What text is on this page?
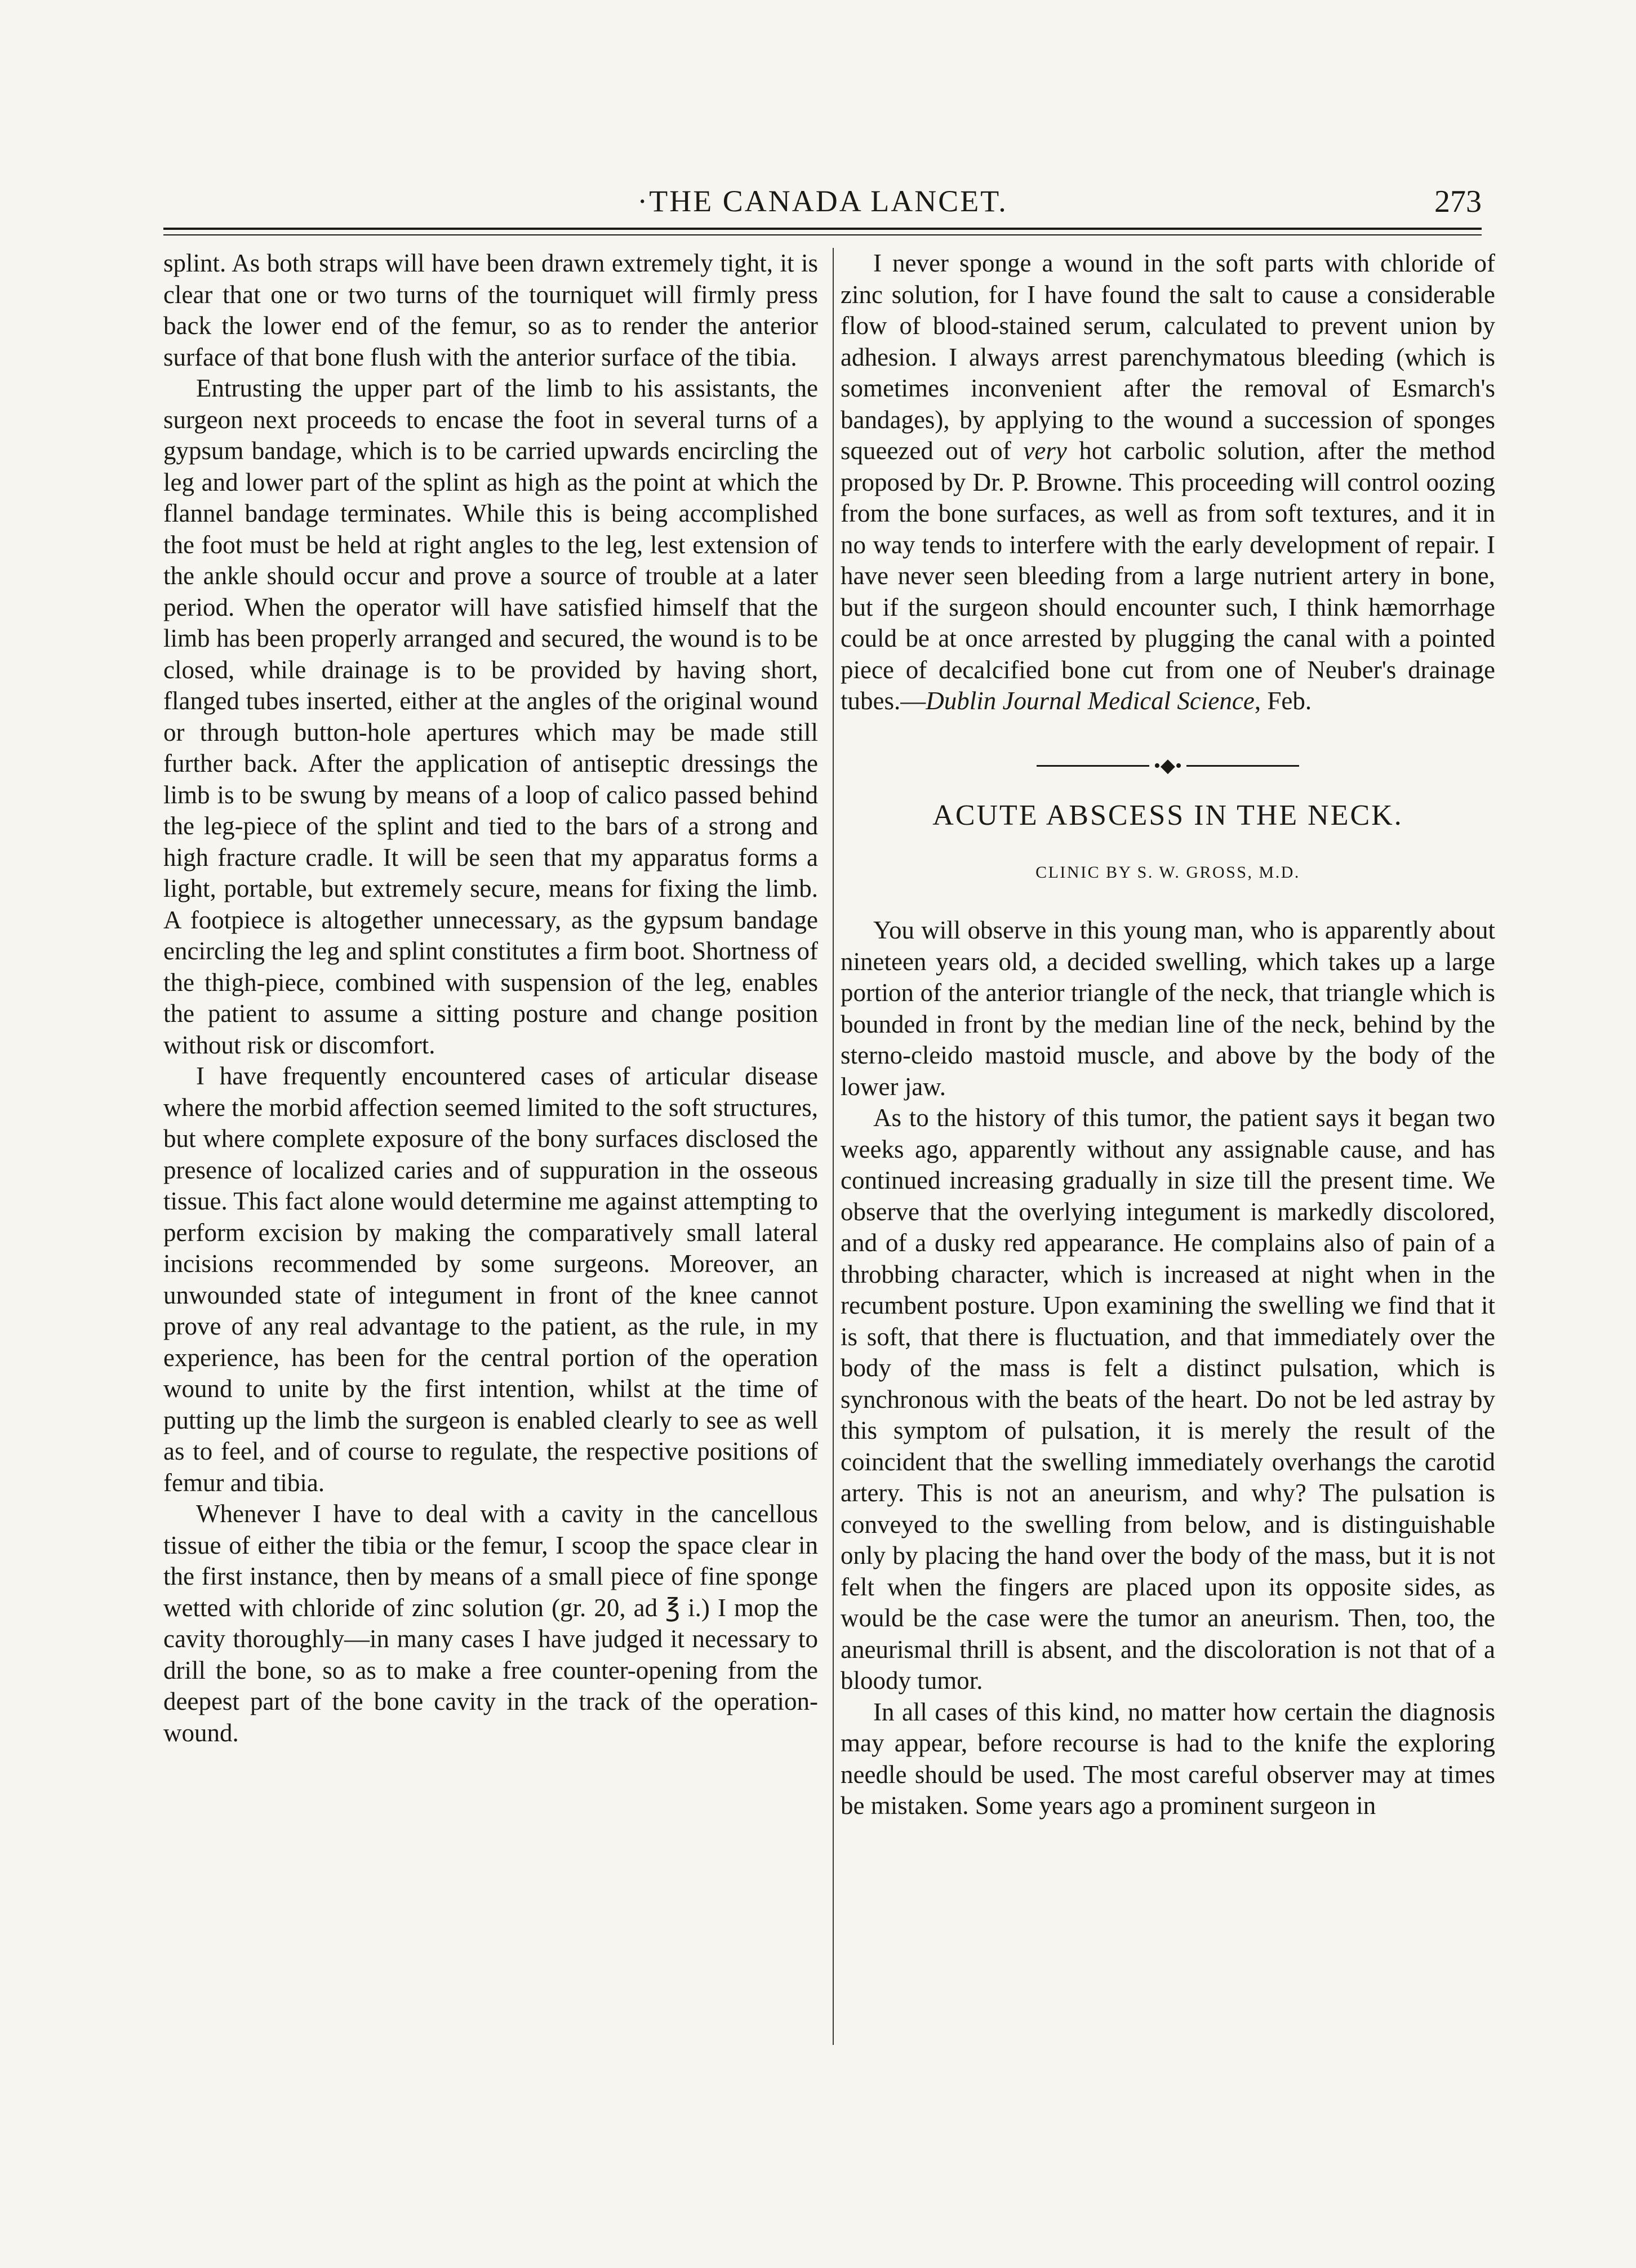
·THE CANADA LANCET.	273

splint. As both straps will have been drawn extremely tight, it is clear that one or two turns of the tourniquet will firmly press back the lower end of the femur, so as to render the anterior surface of that bone flush with the anterior surface of the tibia.

Entrusting the upper part of the limb to his assistants, the surgeon next proceeds to encase the foot in several turns of a gypsum bandage, which is to be carried upwards encircling the leg and lower part of the splint as high as the point at which the flannel bandage terminates. While this is being accomplished the foot must be held at right angles to the leg, lest extension of the ankle should occur and prove a source of trouble at a later period. When the operator will have satisfied himself that the limb has been properly arranged and secured, the wound is to be closed, while drainage is to be provided by having short, flanged tubes inserted, either at the angles of the original wound or through button-hole apertures which may be made still further back. After the application of antiseptic dressings the limb is to be swung by means of a loop of calico passed behind the leg-piece of the splint and tied to the bars of a strong and high fracture cradle. It will be seen that my apparatus forms a light, portable, but extremely secure, means for fixing the limb. A footpiece is altogether unnecessary, as the gypsum bandage encircling the leg and splint constitutes a firm boot. Shortness of the thigh-piece, combined with suspension of the leg, enables the patient to assume a sitting posture and change position without risk or discomfort.

I have frequently encountered cases of articular disease where the morbid affection seemed limited to the soft structures, but where complete exposure of the bony surfaces disclosed the presence of localized caries and of suppuration in the osseous tissue. This fact alone would determine me against attempting to perform excision by making the comparatively small lateral incisions recommended by some surgeons. Moreover, an unwounded state of integument in front of the knee cannot prove of any real advantage to the patient, as the rule, in my experience, has been for the central portion of the operation wound to unite by the first intention, whilst at the time of putting up the limb the surgeon is enabled clearly to see as well as to feel, and of course to regulate, the respective positions of femur and tibia.

Whenever I have to deal with a cavity in the cancellous tissue of either the tibia or the femur, I scoop the space clear in the first instance, then by means of a small piece of fine sponge wetted with chloride of zinc solution (gr. 20, ad ℥ i.) I mop the cavity thoroughly—in many cases I have judged it necessary to drill the bone, so as to make a free counter-opening from the deepest part of the bone cavity in the track of the operation-wound.

I never sponge a wound in the soft parts with chloride of zinc solution, for I have found the salt to cause a considerable flow of blood-stained serum, calculated to prevent union by adhesion. I always arrest parenchymatous bleeding (which is sometimes inconvenient after the removal of Esmarch's bandages), by applying to the wound a succession of sponges squeezed out of very hot carbolic solution, after the method proposed by Dr. P. Browne. This proceeding will control oozing from the bone surfaces, as well as from soft textures, and it in no way tends to interfere with the early development of repair. I have never seen bleeding from a large nutrient artery in bone, but if the surgeon should encounter such, I think hæmorrhage could be at once arrested by plugging the canal with a pointed piece of decalcified bone cut from one of Neuber's drainage tubes.—Dublin Journal Medical Science, Feb.

•◆•
ACUTE ABSCESS IN THE NECK.
CLINIC BY S. W. GROSS, M.D.

You will observe in this young man, who is apparently about nineteen years old, a decided swelling, which takes up a large portion of the anterior triangle of the neck, that triangle which is bounded in front by the median line of the neck, behind by the sterno-cleido mastoid muscle, and above by the body of the lower jaw.

As to the history of this tumor, the patient says it began two weeks ago, apparently without any assignable cause, and has continued increasing gradually in size till the present time. We observe that the overlying integument is markedly discolored, and of a dusky red appearance. He complains also of pain of a throbbing character, which is increased at night when in the recumbent posture. Upon examining the swelling we find that it is soft, that there is fluctuation, and that immediately over the body of the mass is felt a distinct pulsation, which is synchronous with the beats of the heart. Do not be led astray by this symptom of pulsation, it is merely the result of the coincident that the swelling immediately overhangs the carotid artery. This is not an aneurism, and why? The pulsation is conveyed to the swelling from below, and is distinguishable only by placing the hand over the body of the mass, but it is not felt when the fingers are placed upon its opposite sides, as would be the case were the tumor an aneurism. Then, too, the aneurismal thrill is absent, and the discoloration is not that of a bloody tumor.

In all cases of this kind, no matter how certain the diagnosis may appear, before recourse is had to the knife the exploring needle should be used. The most careful observer may at times be mistaken. Some years ago a prominent surgeon in
